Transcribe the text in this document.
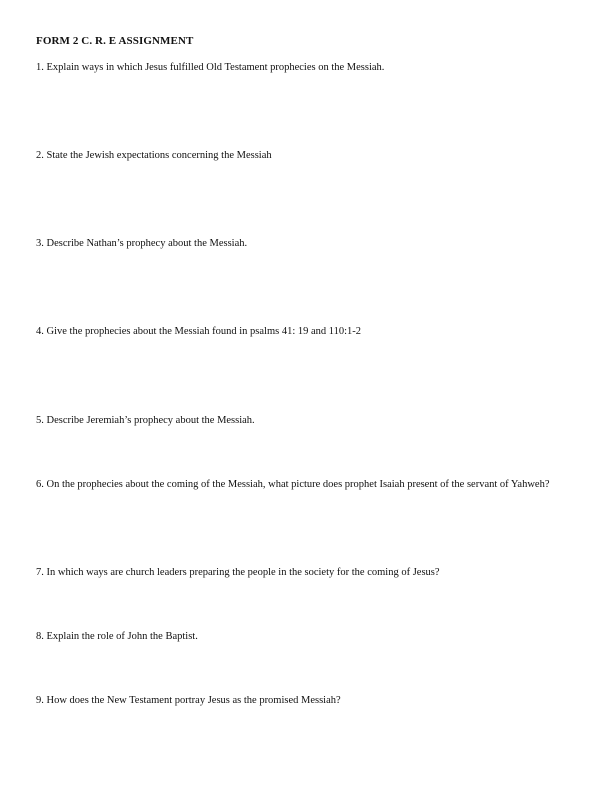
FORM 2 C. R. E ASSIGNMENT
1. Explain ways in which Jesus fulfilled Old Testament prophecies on the Messiah.
2. State the Jewish expectations concerning the Messiah
3. Describe Nathan’s prophecy about the Messiah.
4. Give the prophecies about the Messiah found in psalms 41: 19 and 110:1-2
5. Describe Jeremiah’s prophecy about the Messiah.
6. On the prophecies about the coming of the Messiah, what picture does prophet Isaiah present of the servant of Yahweh?
7. In which ways are church leaders preparing the people in the society for the coming of Jesus?
8. Explain the role of John the Baptist.
9. How does the New Testament portray Jesus as the promised Messiah?
